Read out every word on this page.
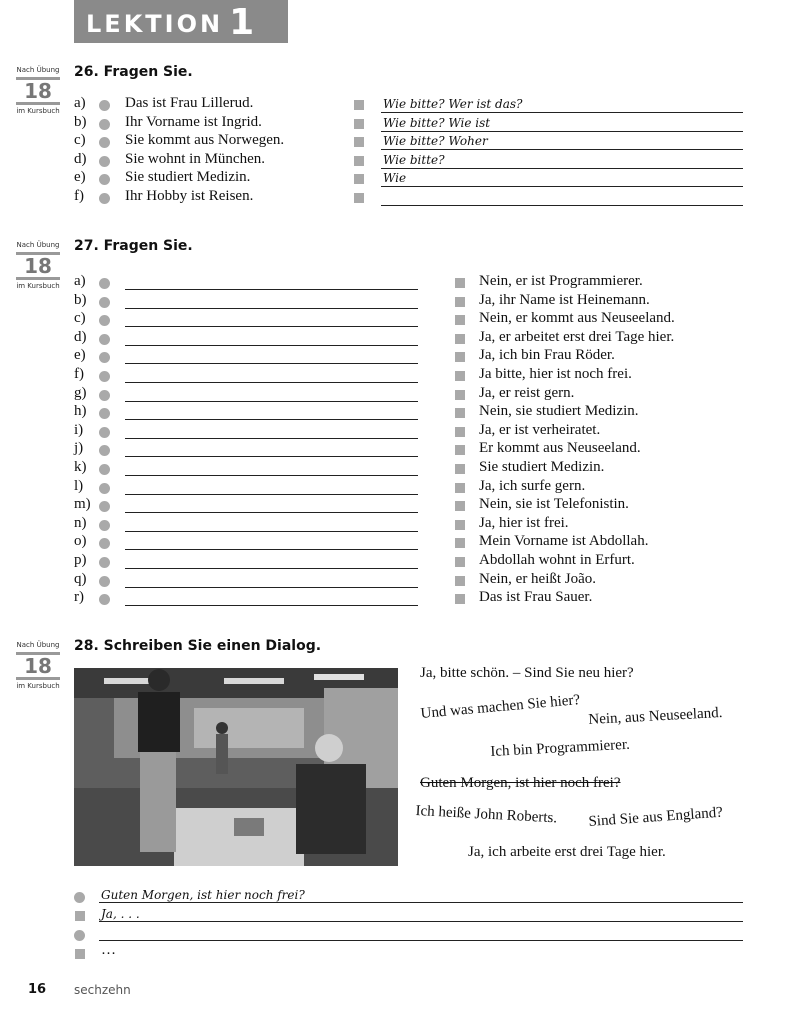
LEKTION 1
Nach Übung
18
im Kursbuch
26. Fragen Sie.
a)	Das ist Frau Lillerud.	Wie bitte? Wer ist das?
b)	Ihr Vorname ist Ingrid.	Wie bitte? Wie ist
c)	Sie kommt aus Norwegen.	Wie bitte? Woher
d)	Sie wohnt in München.	Wie bitte?
e)	Sie studiert Medizin.	Wie
f)	Ihr Hobby ist Reisen.
Nach Übung
18
im Kursbuch
27. Fragen Sie.
a)	Nein, er ist Programmierer.
b)	Ja, ihr Name ist Heinemann.
c)	Nein, er kommt aus Neuseeland.
d)	Ja, er arbeitet erst drei Tage hier.
e)	Ja, ich bin Frau Röder.
f)	Ja bitte, hier ist noch frei.
g)	Ja, er reist gern.
h)	Nein, sie studiert Medizin.
i)	Ja, er ist verheiratet.
j)	Er kommt aus Neuseeland.
k)	Sie studiert Medizin.
l)	Ja, ich surfe gern.
m)	Nein, sie ist Telefonistin.
n)	Ja, hier ist frei.
o)	Mein Vorname ist Abdollah.
p)	Abdollah wohnt in Erfurt.
q)	Nein, er heißt João.
r)	Das ist Frau Sauer.
Nach Übung
18
im Kursbuch
28. Schreiben Sie einen Dialog.
Ja, bitte schön. – Sind Sie neu hier?
Und was machen Sie hier? Nein, aus Neuseeland.
Ich bin Programmierer.
Guten Morgen, ist hier noch frei?
Ich heiße John Roberts. Sind Sie aus England?
Ja, ich arbeite erst drei Tage hier.
Guten Morgen, ist hier noch frei?
Ja, . . .
…
16 sechzehn
